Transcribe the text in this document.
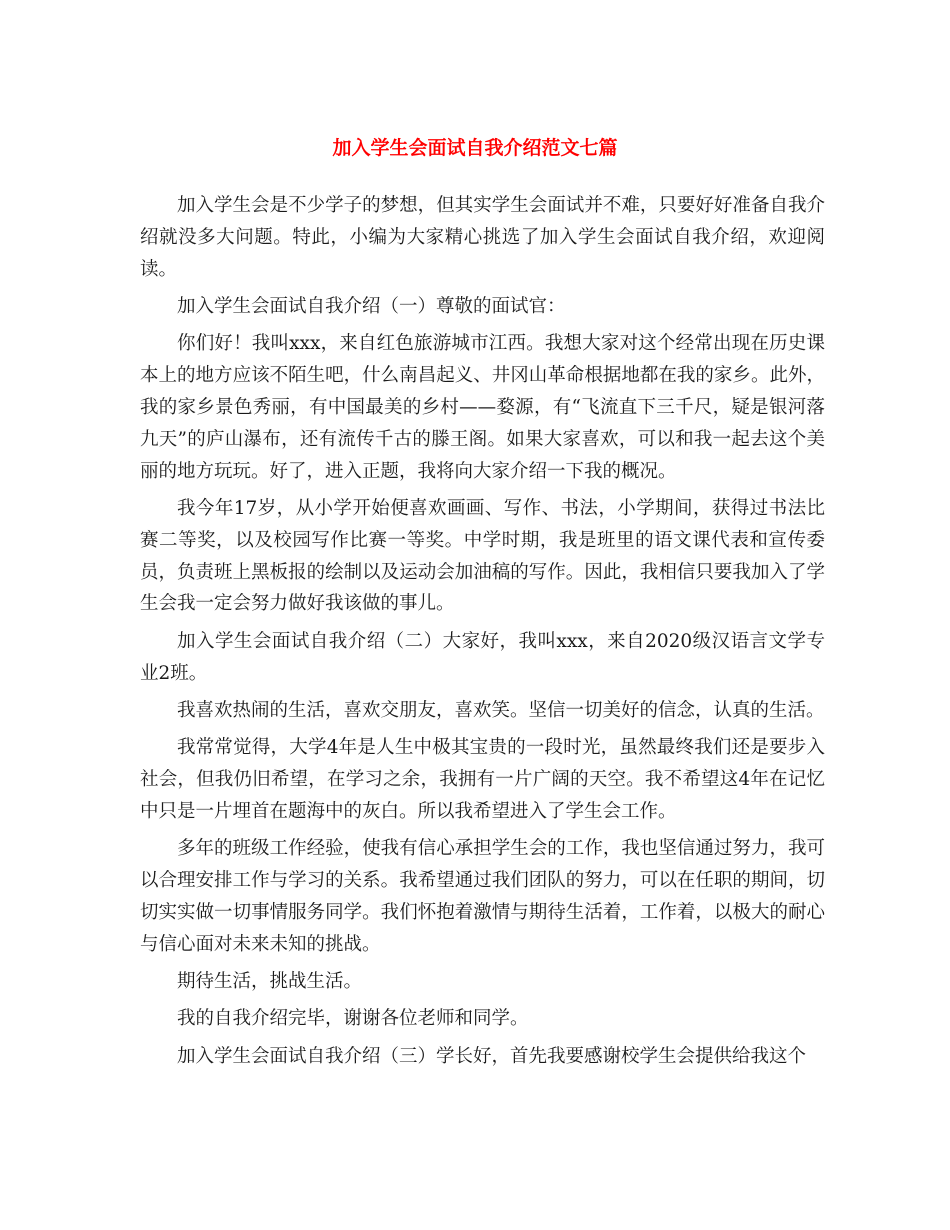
加入学生会面试自我介绍范文七篇

加入学生会是不少学子的梦想，但其实学生会面试并不难，只要好好准备自我介绍就没多大问题。特此，小编为大家精心挑选了加入学生会面试自我介绍，欢迎阅读。

加入学生会面试自我介绍（一）尊敬的面试官：

你们好！我叫xxx，来自红色旅游城市江西。我想大家对这个经常出现在历史课本上的地方应该不陌生吧，什么南昌起义、井冈山革命根据地都在我的家乡。此外，我的家乡景色秀丽，有中国最美的乡村——婺源，有“飞流直下三千尺，疑是银河落九天”的庐山瀑布，还有流传千古的滕王阁。如果大家喜欢，可以和我一起去这个美丽的地方玩玩。好了，进入正题，我将向大家介绍一下我的概况。

我今年17岁，从小学开始便喜欢画画、写作、书法，小学期间，获得过书法比赛二等奖，以及校园写作比赛一等奖。中学时期，我是班里的语文课代表和宣传委员，负责班上黑板报的绘制以及运动会加油稿的写作。因此，我相信只要我加入了学生会我一定会努力做好我该做的事儿。

加入学生会面试自我介绍（二）大家好，我叫xxx，来自2020级汉语言文学专业2班。

我喜欢热闹的生活，喜欢交朋友，喜欢笑。坚信一切美好的信念，认真的生活。

我常常觉得，大学4年是人生中极其宝贵的一段时光，虽然最终我们还是要步入社会，但我仍旧希望，在学习之余，我拥有一片广阔的天空。我不希望这4年在记忆中只是一片埋首在题海中的灰白。所以我希望进入了学生会工作。

多年的班级工作经验，使我有信心承担学生会的工作，我也坚信通过努力，我可以合理安排工作与学习的关系。我希望通过我们团队的努力，可以在任职的期间，切切实实做一切事情服务同学。我们怀抱着激情与期待生活着，工作着，以极大的耐心与信心面对未来未知的挑战。

期待生活，挑战生活。

我的自我介绍完毕，谢谢各位老师和同学。

加入学生会面试自我介绍（三）学长好，首先我要感谢校学生会提供给我这个
